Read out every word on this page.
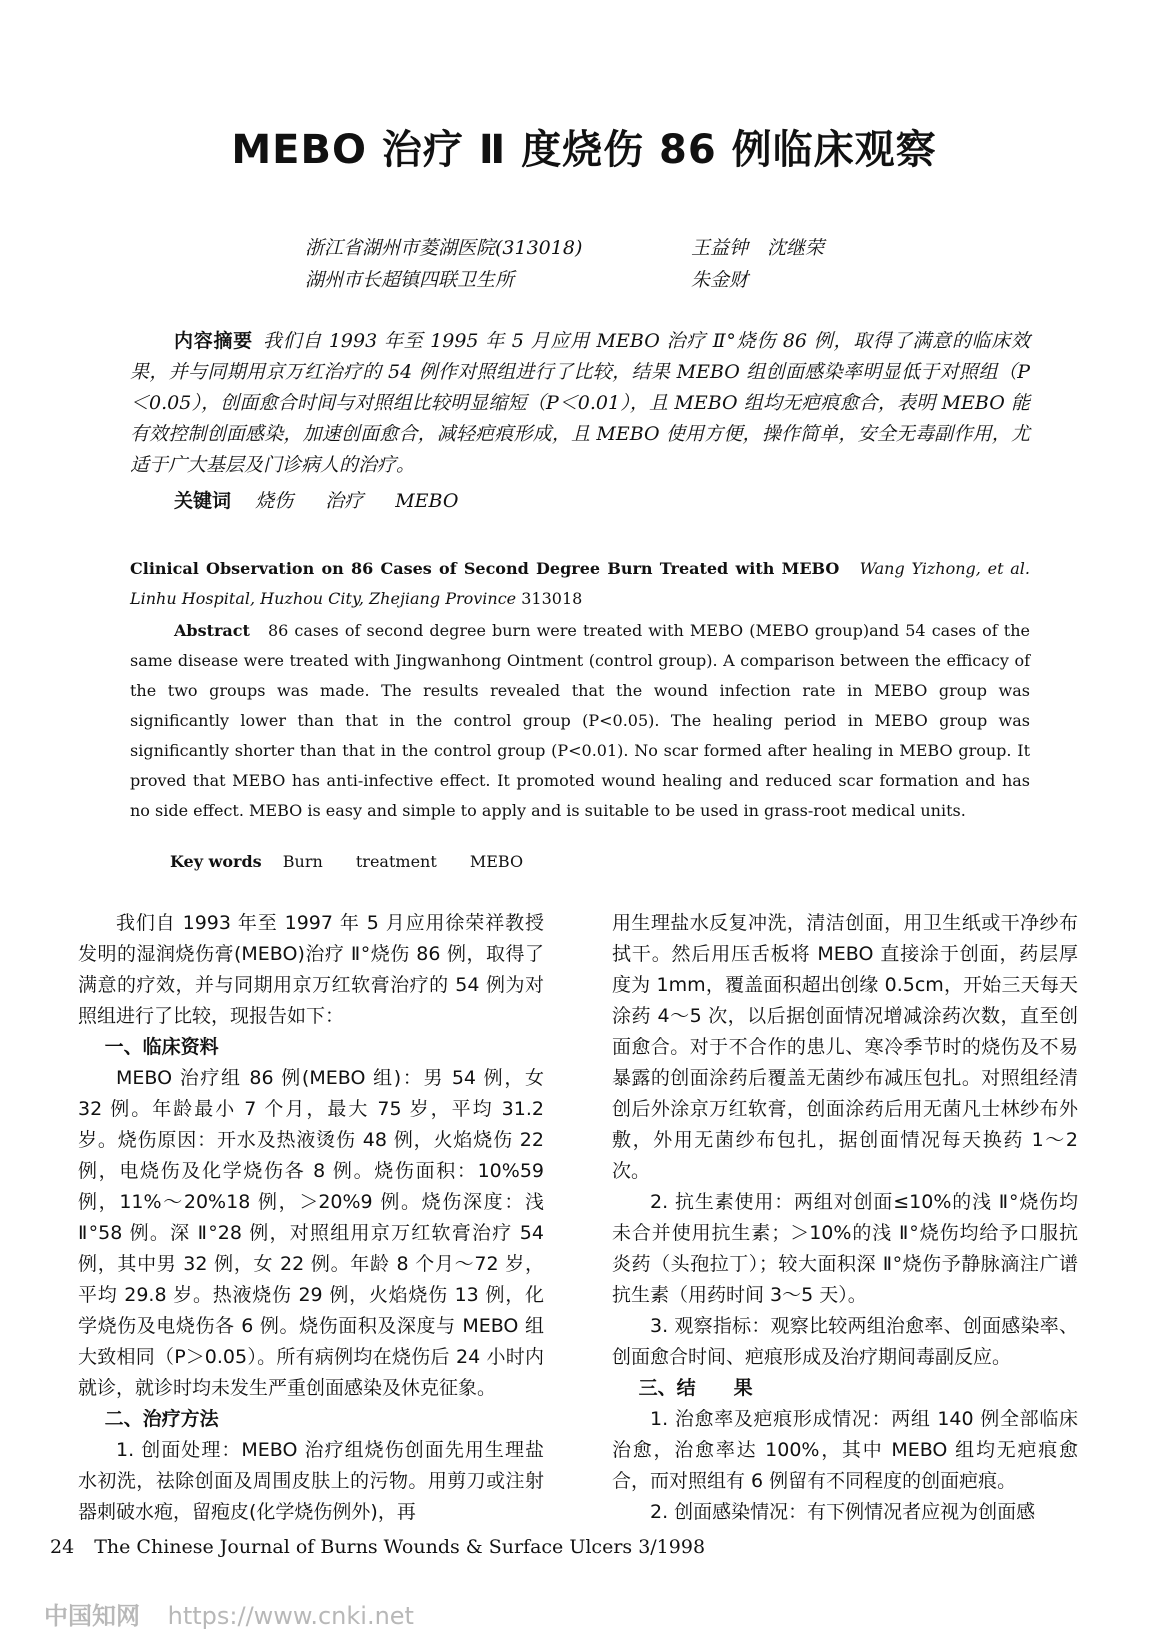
MEBO 治疗 Ⅱ 度烧伤 86 例临床观察
浙江省湖州市菱湖医院(313018)	王益钟　沈继荣
湖州市长超镇四联卫生所	朱金财
内容摘要 我们自 1993 年至 1995 年 5 月应用 MEBO 治疗 Ⅱ°烧伤 86 例，取得了满意的临床效果，并与同期用京万红治疗的 54 例作对照组进行了比较，结果 MEBO 组创面感染率明显低于对照组（P＜0.05），创面愈合时间与对照组比较明显缩短（P＜0.01），且 MEBO 组均无疤痕愈合，表明 MEBO 能有效控制创面感染，加速创面愈合，减轻疤痕形成，且 MEBO 使用方便，操作简单，安全无毒副作用，尤适于广大基层及门诊病人的治疗。
关键词 烧伤 治疗 MEBO
Clinical Observation on 86 Cases of Second Degree Burn Treated with MEBO Wang Yizhong, et al. Linhu Hospital, Huzhou City, Zhejiang Province 313018
Abstract 86 cases of second degree burn were treated with MEBO (MEBO group)and 54 cases of the same disease were treated with Jingwanhong Ointment (control group). A comparison between the efficacy of the two groups was made. The results revealed that the wound infection rate in MEBO group was significantly lower than that in the control group (P<0.05). The healing period in MEBO group was significantly shorter than that in the control group (P<0.01). No scar formed after healing in MEBO group. It proved that MEBO has anti-infective effect. It promoted wound healing and reduced scar formation and has no side effect. MEBO is easy and simple to apply and is suitable to be used in grass-root medical units.
Key words Burn treatment MEBO

我们自 1993 年至 1997 年 5 月应用徐荣祥教授发明的湿润烧伤膏(MEBO)治疗 Ⅱ°烧伤 86 例，取得了满意的疗效，并与同期用京万红软膏治疗的 54 例为对照组进行了比较，现报告如下：

一、临床资料

MEBO 治疗组 86 例(MEBO 组)：男 54 例，女 32 例。年龄最小 7 个月，最大 75 岁，平均 31.2 岁。烧伤原因：开水及热液烫伤 48 例，火焰烧伤 22 例，电烧伤及化学烧伤各 8 例。烧伤面积：10%59 例，11%～20%18 例，＞20%9 例。烧伤深度：浅 Ⅱ°58 例。深 Ⅱ°28 例，对照组用京万红软膏治疗 54 例，其中男 32 例，女 22 例。年龄 8 个月～72 岁，平均 29.8 岁。热液烧伤 29 例，火焰烧伤 13 例，化学烧伤及电烧伤各 6 例。烧伤面积及深度与 MEBO 组大致相同（P＞0.05）。所有病例均在烧伤后 24 小时内就诊，就诊时均未发生严重创面感染及休克征象。

二、治疗方法

1. 创面处理：MEBO 治疗组烧伤创面先用生理盐水初洗，祛除创面及周围皮肤上的污物。用剪刀或注射器刺破水疱，留疱皮(化学烧伤例外)，再

用生理盐水反复冲洗，清洁创面，用卫生纸或干净纱布拭干。然后用压舌板将 MEBO 直接涂于创面，药层厚度为 1mm，覆盖面积超出创缘 0.5cm，开始三天每天涂药 4～5 次，以后据创面情况增减涂药次数，直至创面愈合。对于不合作的患儿、寒冷季节时的烧伤及不易暴露的创面涂药后覆盖无菌纱布减压包扎。对照组经清创后外涂京万红软膏，创面涂药后用无菌凡士林纱布外敷，外用无菌纱布包扎，据创面情况每天换药 1～2 次。

2. 抗生素使用：两组对创面≤10%的浅 Ⅱ°烧伤均未合并使用抗生素；＞10%的浅 Ⅱ°烧伤均给予口服抗炎药（头孢拉丁）；较大面积深 Ⅱ°烧伤予静脉滴注广谱抗生素（用药时间 3～5 天）。

3. 观察指标：观察比较两组治愈率、创面感染率、创面愈合时间、疤痕形成及治疗期间毒副反应。

三、结　　果

1. 治愈率及疤痕形成情况：两组 140 例全部临床治愈，治愈率达 100%，其中 MEBO 组均无疤痕愈合，而对照组有 6 例留有不同程度的创面疤痕。

2. 创面感染情况：有下例情况者应视为创面感

24 The Chinese Journal of Burns Wounds & Surface Ulcers 3/1998
中国知网 https://www.cnki.net
